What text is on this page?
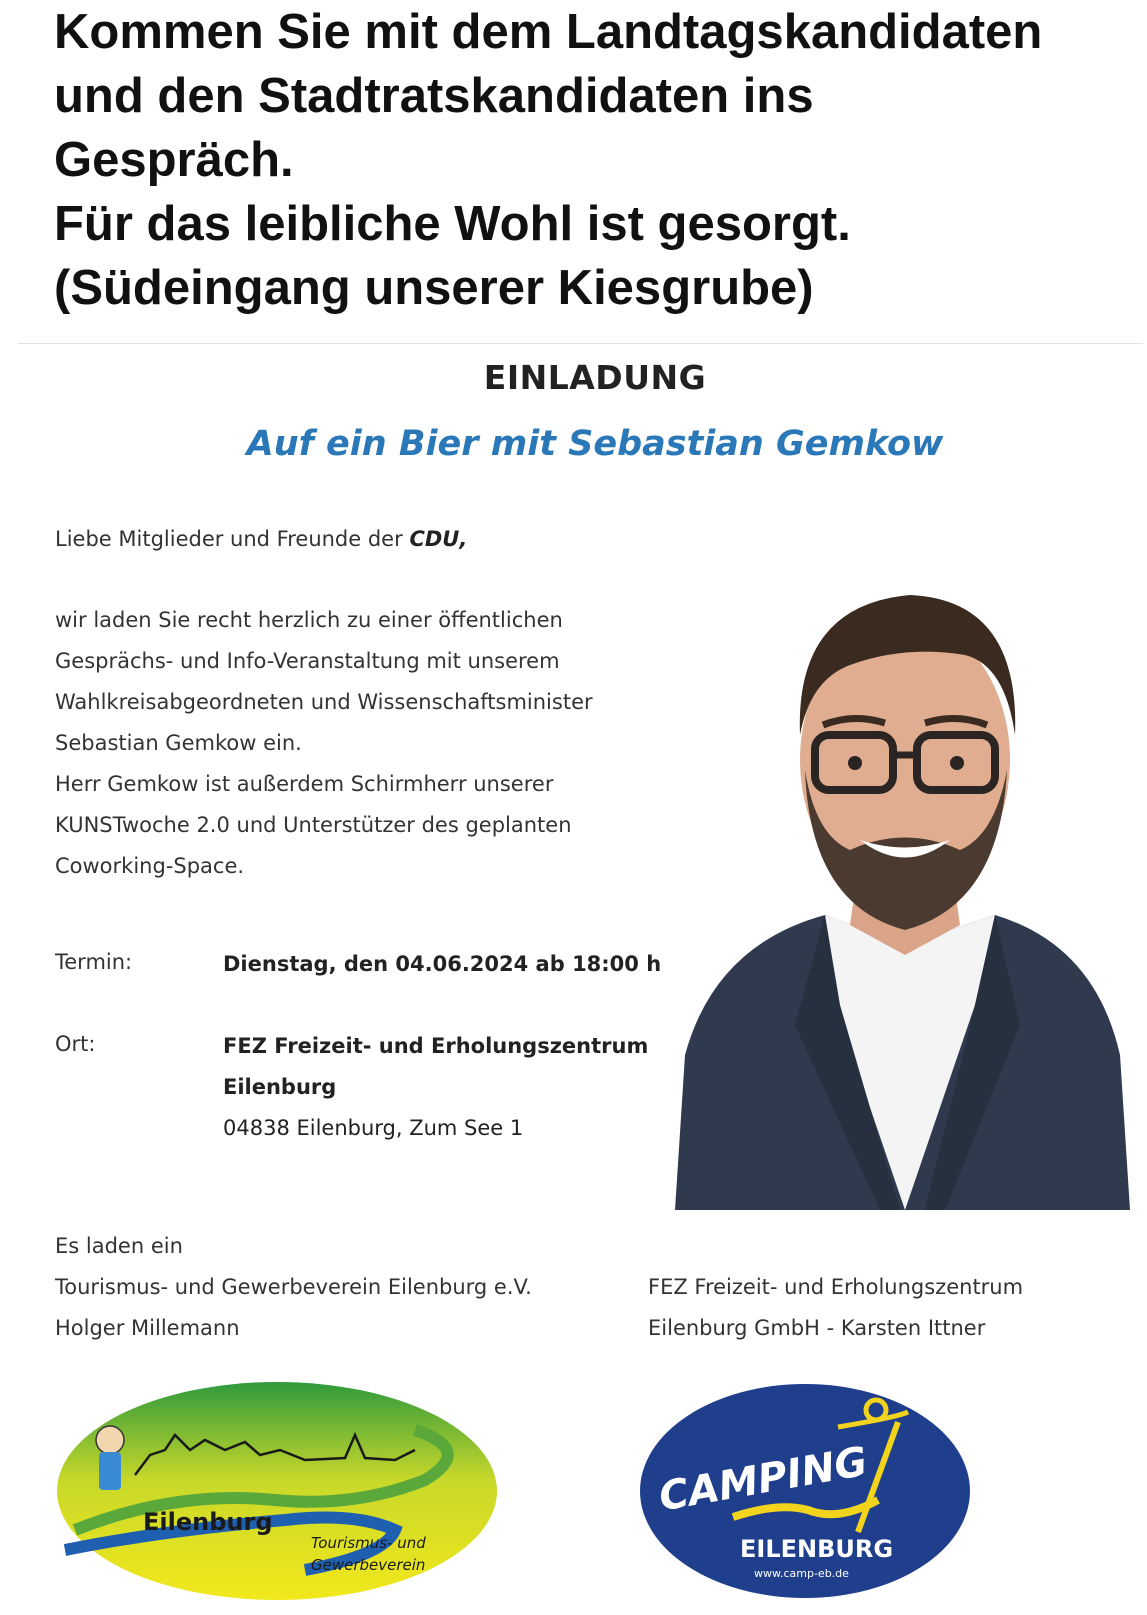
Kommen Sie mit dem Landtagskandidaten
und den Stadtratskandidaten ins
Gespräch.
Für das leibliche Wohl ist gesorgt.
(Südeingang unserer Kiesgrube)
EINLADUNG
Auf ein Bier mit Sebastian Gemkow
Liebe Mitglieder und Freunde der CDU,
wir laden Sie recht herzlich zu einer öffentlichen
Gesprächs- und Info-Veranstaltung mit unserem
Wahlkreisabgeordneten und Wissenschaftsminister
Sebastian Gemkow ein.
Herr Gemkow ist außerdem Schirmherr unserer
KUNSTwoche 2.0 und Unterstützer des geplanten
Coworking-Space.
Termin:	Dienstag, den 04.06.2024 ab 18:00 h
Ort:	FEZ Freizeit- und Erholungszentrum
Eilenburg
04838 Eilenburg, Zum See 1
Es laden ein
Tourismus- und Gewerbeverein Eilenburg e.V.
Holger Millemann
FEZ Freizeit- und Erholungszentrum
Eilenburg GmbH - Karsten Ittner
Eilenburg
Tourismus- und
Gewerbeverein
CAMPING
EILENBURG
www.camp-eb.de
